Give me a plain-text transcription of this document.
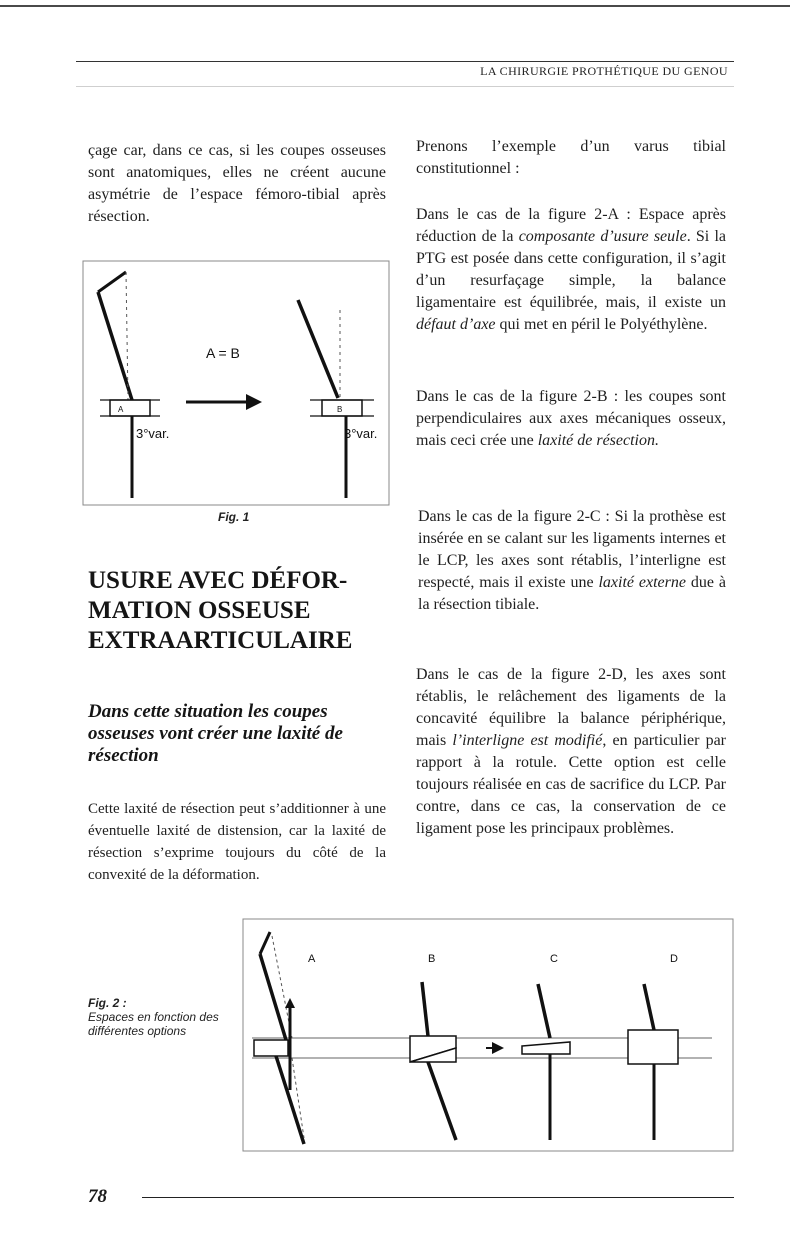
LA CHIRURGIE PROTHÉTIQUE DU GENOU
çage car, dans ce cas, si les coupes osseuses sont anatomiques, elles ne créent aucune asymétrie de l’espace fémoro-tibial après résection.
A
3°var.
A = B
B
3°var.
Fig. 1
USURE AVEC DÉFOR-MATION OSSEUSE EXTRAARTICULAIRE
Dans cette situation les coupes osseuses vont créer une laxité de résection
Cette laxité de résection peut s’additionner à une éventuelle laxité de distension, car la laxité de résection s’exprime toujours du côté de la convexité de la déformation.
Prenons l’exemple d’un varus tibial constitutionnel :
Dans le cas de la figure 2-A : Espace après réduction de la composante d’usure seule. Si la PTG est posée dans cette configuration, il s’agit d’un resurfaçage simple, la balance ligamentaire est équilibrée, mais, il existe un défaut d’axe qui met en péril le Polyéthylène.
Dans le cas de la figure 2-B : les coupes sont perpendiculaires aux axes mécaniques osseux, mais ceci crée une laxité de résection.
Dans le cas de la figure 2-C : Si la prothèse est insérée en se calant sur les ligaments internes et le LCP, les axes sont rétablis, l’interligne est respecté, mais il existe une laxité externe due à la résection tibiale.
Dans le cas de la figure 2-D, les axes sont rétablis, le relâchement des ligaments de la concavité équilibre la balance périphérique, mais l’interligne est modifié, en particulier par rapport à la rotule. Cette option est celle toujours réalisée en cas de sacrifice du LCP. Par contre, dans ce cas, la conservation de ce ligament pose les principaux problèmes.
Fig. 2 :
Espaces en fonction des différentes options
A	B	C	D
78
